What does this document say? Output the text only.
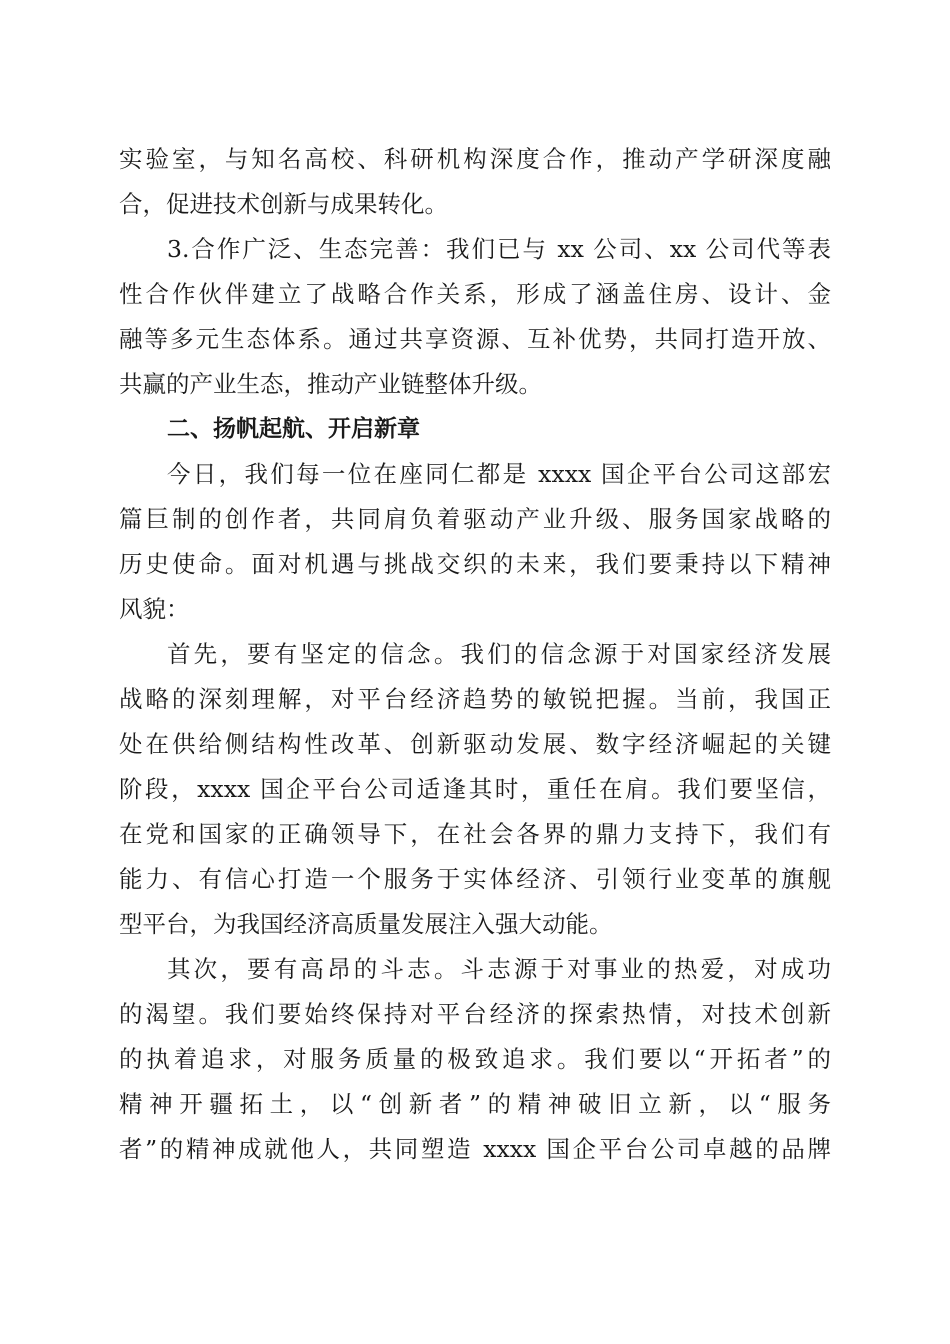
实验室，与知名高校、科研机构深度合作，推动产学研深度融
合，促进技术创新与成果转化。
3.合作广泛、生态完善：我们已与 xx 公司、xx 公司代等表
性合作伙伴建立了战略合作关系，形成了涵盖住房、设计、金
融等多元生态体系。通过共享资源、互补优势，共同打造开放、
共赢的产业生态，推动产业链整体升级。
二、扬帆起航、开启新章
今日，我们每一位在座同仁都是 xxxx 国企平台公司这部宏
篇巨制的创作者，共同肩负着驱动产业升级、服务国家战略的
历史使命。面对机遇与挑战交织的未来，我们要秉持以下精神
风貌：
首先，要有坚定的信念。我们的信念源于对国家经济发展
战略的深刻理解，对平台经济趋势的敏锐把握。当前，我国正
处在供给侧结构性改革、创新驱动发展、数字经济崛起的关键
阶段，xxxx 国企平台公司适逢其时，重任在肩。我们要坚信，
在党和国家的正确领导下，在社会各界的鼎力支持下，我们有
能力、有信心打造一个服务于实体经济、引领行业变革的旗舰
型平台，为我国经济高质量发展注入强大动能。
其次，要有高昂的斗志。斗志源于对事业的热爱，对成功
的渴望。我们要始终保持对平台经济的探索热情，对技术创新
的执着追求，对服务质量的极致追求。我们要以“开拓者”的
精神开疆拓土，以“创新者”的精神破旧立新，以“服务
者”的精神成就他人，共同塑造 xxxx 国企平台公司卓越的品牌
